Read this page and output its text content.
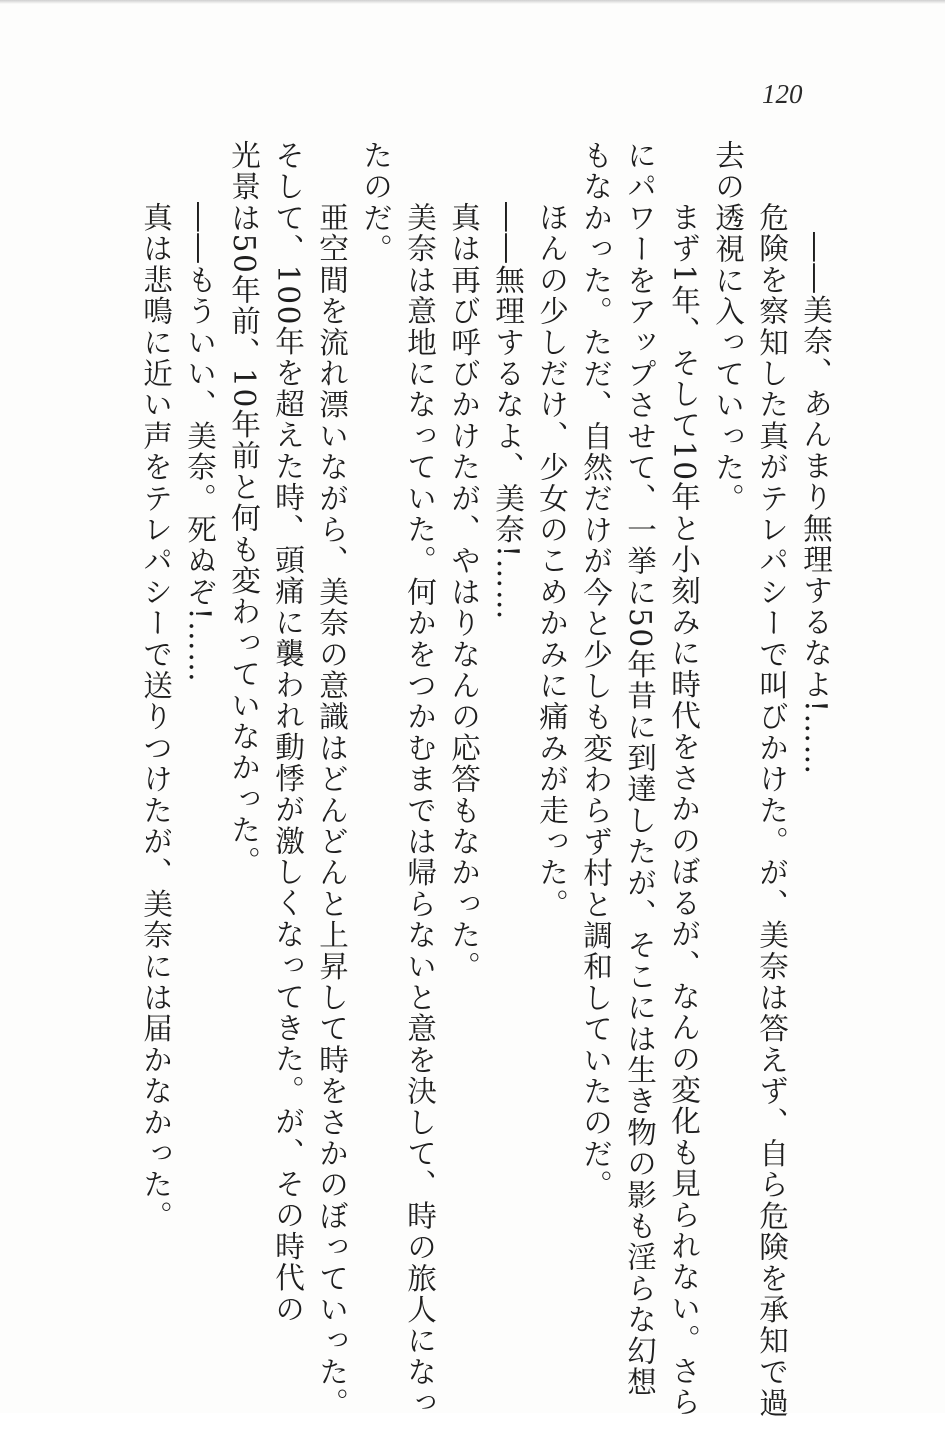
120
――美奈、あんまり無理するなよ!……
危険を察知した真がテレパシーで叫びかけた。が、美奈は答えず、自ら危険を承知で過
去の透視に入っていった。
まず1年、そして10年と小刻みに時代をさかのぼるが、なんの変化も見られない。さら
にパワーをアップさせて、一挙に50年昔に到達したが、そこには生き物の影も淫らな幻想
もなかった。ただ、自然だけが今と少しも変わらず村と調和していたのだ。
ほんの少しだけ、少女のこめかみに痛みが走った。
――無理するなよ、美奈!……
真は再び呼びかけたが、やはりなんの応答もなかった。
美奈は意地になっていた。何かをつかむまでは帰らないと意を決して、時の旅人になっ
たのだ。
亜空間を流れ漂いながら、美奈の意識はどんどんと上昇して時をさかのぼっていった。
そして、100年を超えた時、頭痛に襲われ動悸が激しくなってきた。が、その時代の
光景は50年前、10年前と何も変わっていなかった。
――もういい、美奈。死ぬぞ!……
真は悲鳴に近い声をテレパシーで送りつけたが、美奈には届かなかった。
